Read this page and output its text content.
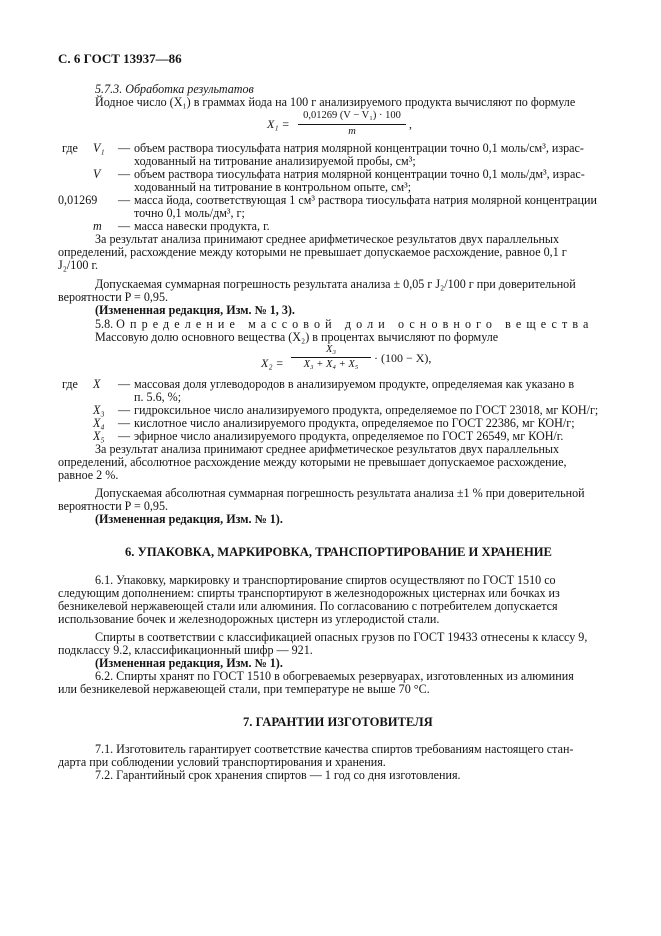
С. 6 ГОСТ 13937—86
5.7.3. Обработка результатов
Йодное число (X₁) в граммах йода на 100 г анализируемого продукта вычисляют по формуле
X₁ =
0,01269 (V − V₁) · 100
m
,
где V₁ — объем раствора тиосульфата натрия молярной концентрации точно 0,1 моль/см³, израс-
ходованный на титрование анализируемой пробы, см³;
V — объем раствора тиосульфата натрия молярной концентрации точно 0,1 моль/дм³, израс-
ходованный на титрование в контрольном опыте, см³;
0,01269 — масса йода, соответствующая 1 см³ раствора тиосульфата натрия молярной концентрации
точно 0,1 моль/дм³, г;
m — масса навески продукта, г.
За результат анализа принимают среднее арифметическое результатов двух параллельных
определений, расхождение между которыми не превышает допускаемое расхождение, равное 0,1 г
J₂/100 г.
Допускаемая суммарная погрешность результата анализа ± 0,05 г J₂/100 г при доверительной
вероятности P = 0,95.
(Измененная редакция, Изм. № 1, 3).
5.8. Определение массовой доли основного вещества
Массовую долю основного вещества (X₂) в процентах вычисляют по формуле
X₂ =
X₃
X₃ + X₄ + X₅	· (100 − X),
где X — массовая доля углеводородов в анализируемом продукте, определяемая как указано в
п. 5.6, %;
X₃ — гидроксильное число анализируемого продукта, определяемое по ГОСТ 23018, мг КОН/г;
X₄ — кислотное число анализируемого продукта, определяемое по ГОСТ 22386, мг КОН/г;
X₅ — эфирное число анализируемого продукта, определяемое по ГОСТ 26549, мг КОН/г.
За результат анализа принимают среднее арифметическое результатов двух параллельных
определений, абсолютное расхождение между которыми не превышает допускаемое расхождение,
равное 2 %.
Допускаемая абсолютная суммарная погрешность результата анализа ±1 % при доверительной
вероятности P = 0,95.
(Измененная редакция, Изм. № 1).
6. УПАКОВКА, МАРКИРОВКА, ТРАНСПОРТИРОВАНИЕ И ХРАНЕНИЕ
6.1. Упаковку, маркировку и транспортирование спиртов осуществляют по ГОСТ 1510 со
следующим дополнением: спирты транспортируют в железнодорожных цистернах или бочках из
безникелевой нержавеющей стали или алюминия. По согласованию с потребителем допускается
использование бочек и железнодорожных цистерн из углеродистой стали.
Спирты в соответствии с классификацией опасных грузов по ГОСТ 19433 отнесены к классу 9,
подклассу 9.2, классификационный шифр — 921.
(Измененная редакция, Изм. № 1).
6.2. Спирты хранят по ГОСТ 1510 в обогреваемых резервуарах, изготовленных из алюминия
или безникелевой нержавеющей стали, при температуре не выше 70 °С.
7. ГАРАНТИИ ИЗГОТОВИТЕЛЯ
7.1. Изготовитель гарантирует соответствие качества спиртов требованиям настоящего стан-
дарта при соблюдении условий транспортирования и хранения.
7.2. Гарантийный срок хранения спиртов — 1 год со дня изготовления.
